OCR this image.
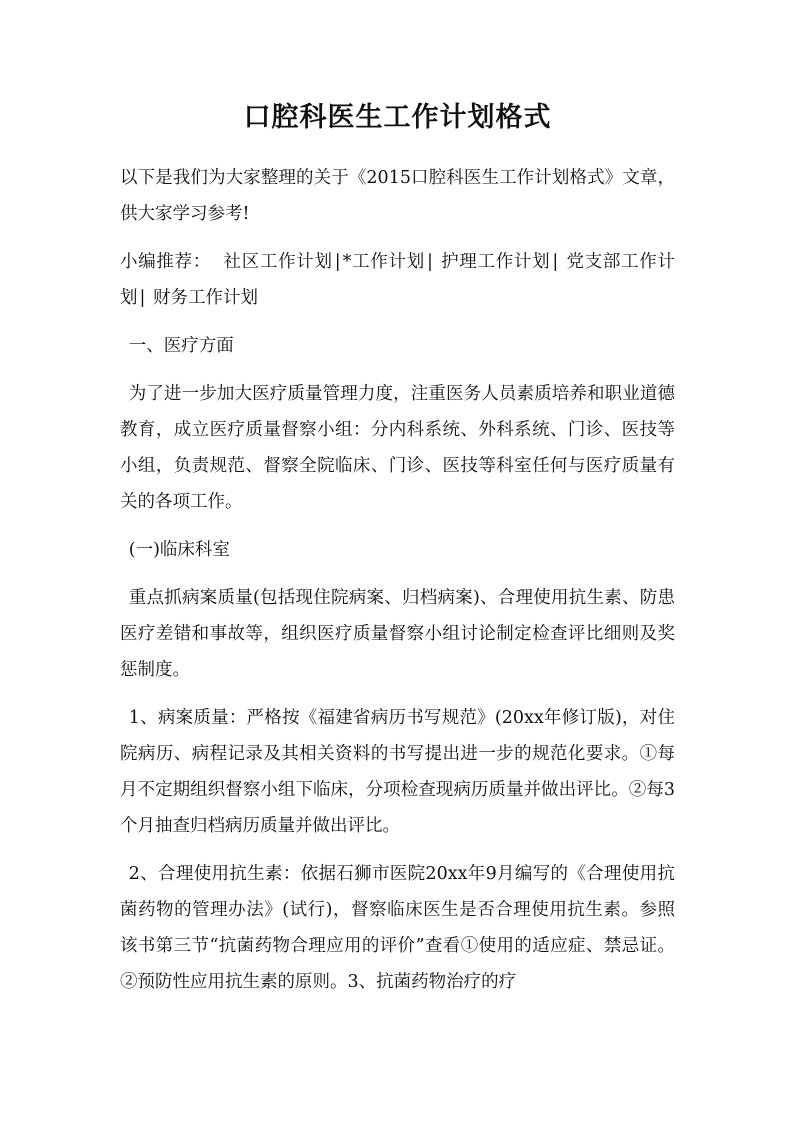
口腔科医生工作计划格式

以下是我们为大家整理的关于《2015口腔科医生工作计划格式》文章，供大家学习参考!

小编推荐： 社区工作计划 | *工作计划 | 护理工作计划 | 党支部工作计划 | 财务工作计划

一、医疗方面

为了进一步加大医疗质量管理力度，注重医务人员素质培养和职业道德教育，成立医疗质量督察小组：分内科系统、外科系统、门诊、医技等小组，负责规范、督察全院临床、门诊、医技等科室任何与医疗质量有关的各项工作。

(一)临床科室

重点抓病案质量(包括现住院病案、归档病案)、合理使用抗生素、防患医疗差错和事故等，组织医疗质量督察小组讨论制定检查评比细则及奖惩制度。

1、病案质量：严格按《福建省病历书写规范》(20xx年修订版)，对住院病历、病程记录及其相关资料的书写提出进一步的规范化要求。①每月不定期组织督察小组下临床，分项检查现病历质量并做出评比。②每3个月抽查归档病历质量并做出评比。

2、合理使用抗生素：依据石狮市医院20xx年9月编写的《合理使用抗菌药物的管理办法》(试行)，督察临床医生是否合理使用抗生素。参照该书第三节“抗菌药物合理应用的评价”查看①使用的适应症、禁忌证。②预防性应用抗生素的原则。3、抗菌药物治疗的疗
